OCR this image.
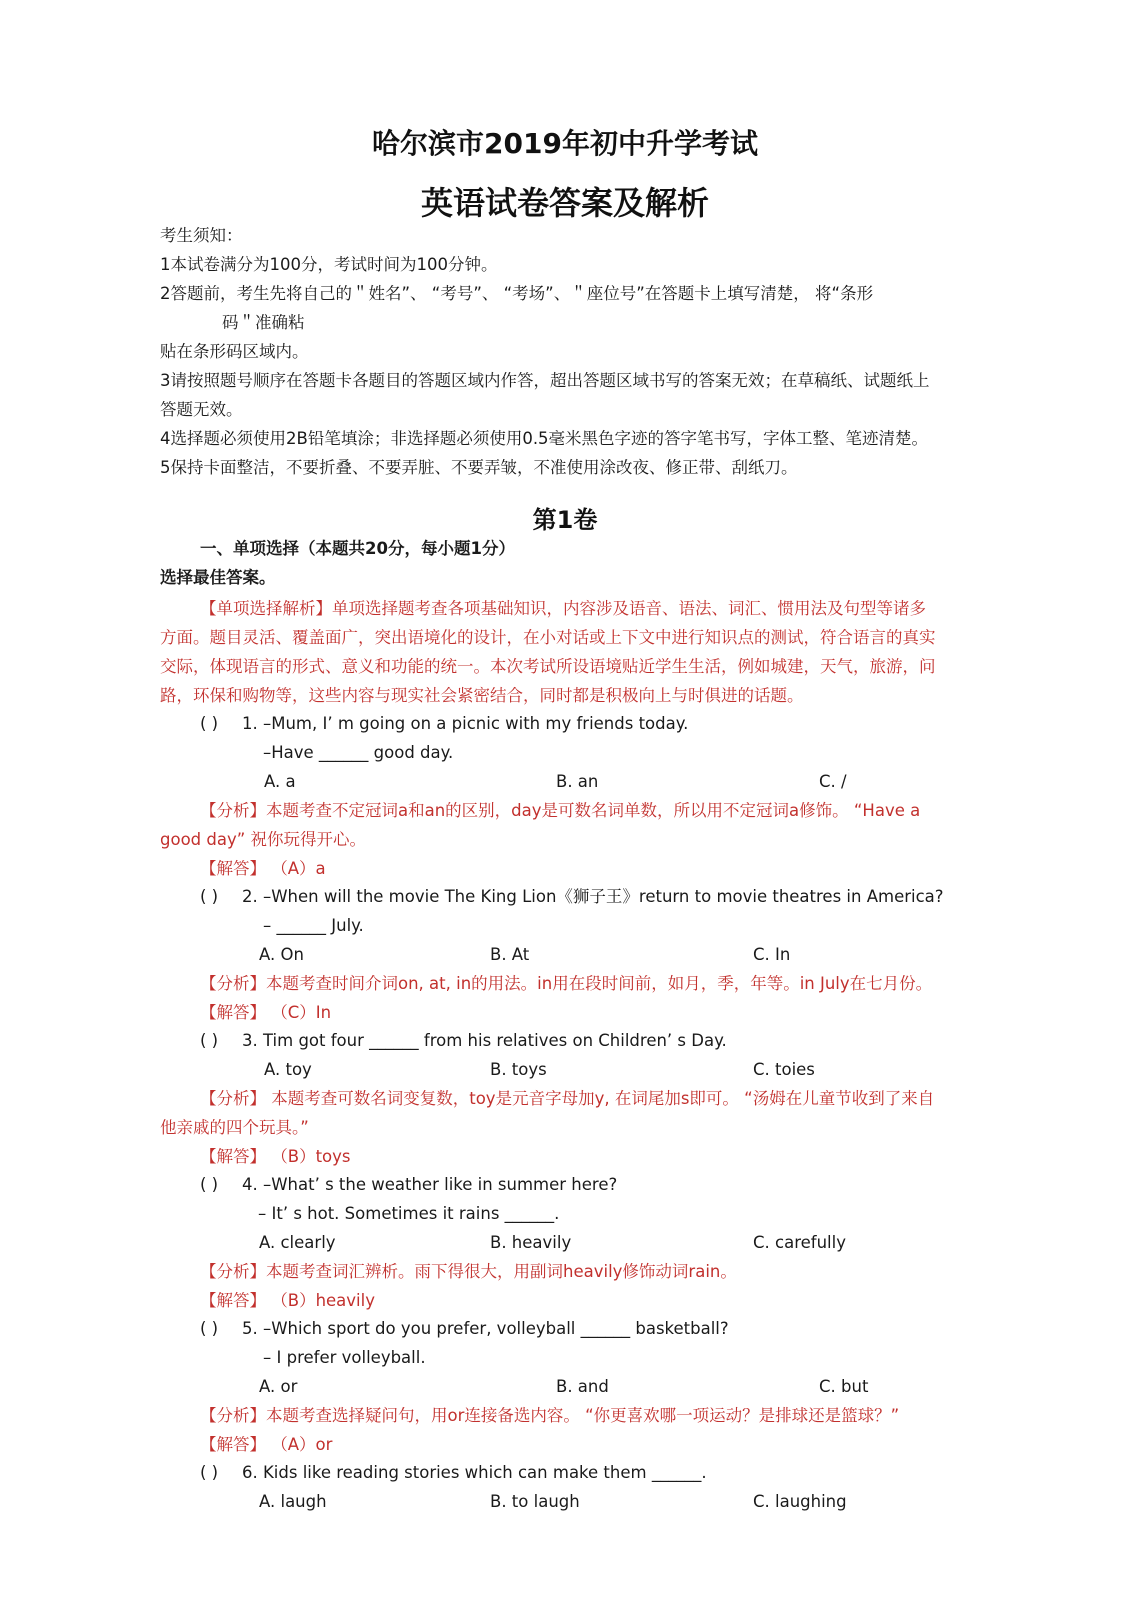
哈尔滨市2019年初中升学考试
英语试卷答案及解析
考生须知：
1本试卷满分为100分，考试时间为100分钟。
2答题前，考生先将自己的＂姓名”、 “考号”、 “考场”、＂座位号”在答题卡上填写清楚， 将“条形
码＂准确粘
贴在条形码区域内。
3请按照题号顺序在答题卡各题目的答题区域内作答，超出答题区域书写的答案无效；在草稿纸、试题纸上
答题无效。
4选择题必须使用2B铅笔填涂；非选择题必须使用0.5毫米黑色字迹的答字笔书写，字体工整、笔迹清楚。
5保持卡面整洁，不要折叠、不要弄脏、不要弄皱，不准使用涂改夜、修正带、刮纸刀。
第1卷
一、单项选择（本题共20分，每小题1分）
选择最佳答案。
【单项选择解析】单项选择题考查各项基础知识，内容涉及语音、语法、词汇、惯用法及句型等诸多
方面。题目灵活、覆盖面广，突出语境化的设计，在小对话或上下文中进行知识点的测试，符合语言的真实
交际，体现语言的形式、意义和功能的统一。本次考试所设语境贴近学生生活，例如城建，天气，旅游，问
路，环保和购物等，这些内容与现实社会紧密结合，同时都是积极向上与时俱进的话题。
( ) 1. –Mum, I’ m going on a picnic with my friends today.
–Have ______ good day.
A. a	B. an	C. /
【分析】本题考查不定冠词a和an的区别，day是可数名词单数，所以用不定冠词a修饰。 “Have a
good day” 祝你玩得开心。
【解答】 （A）a
( ) 2. –When will the movie The King Lion《狮子王》return to movie theatres in America?
– ______ July.
A. On	B. At	C. In
【分析】本题考查时间介词on, at, in的用法。in用在段时间前，如月，季，年等。in July在七月份。
【解答】 （C）In
( ) 3. Tim got four ______ from his relatives on Children’ s Day.
A. toy	B. toys	C. toies
【分析】 本题考查可数名词变复数，toy是元音字母加y, 在词尾加s即可。 “汤姆在儿童节收到了来自
他亲戚的四个玩具。”
【解答】 （B）toys
( ) 4. –What’ s the weather like in summer here?
– It’ s hot. Sometimes it rains ______.
A. clearly	B. heavily	C. carefully
【分析】本题考查词汇辨析。雨下得很大，用副词heavily修饰动词rain。
【解答】 （B）heavily
( ) 5. –Which sport do you prefer, volleyball ______ basketball?
– I prefer volleyball.
A. or	B. and	C. but
【分析】本题考查选择疑问句，用or连接备选内容。 “你更喜欢哪一项运动？是排球还是篮球？”
【解答】 （A）or
( ) 6. Kids like reading stories which can make them ______.
A. laugh	B. to laugh	C. laughing
